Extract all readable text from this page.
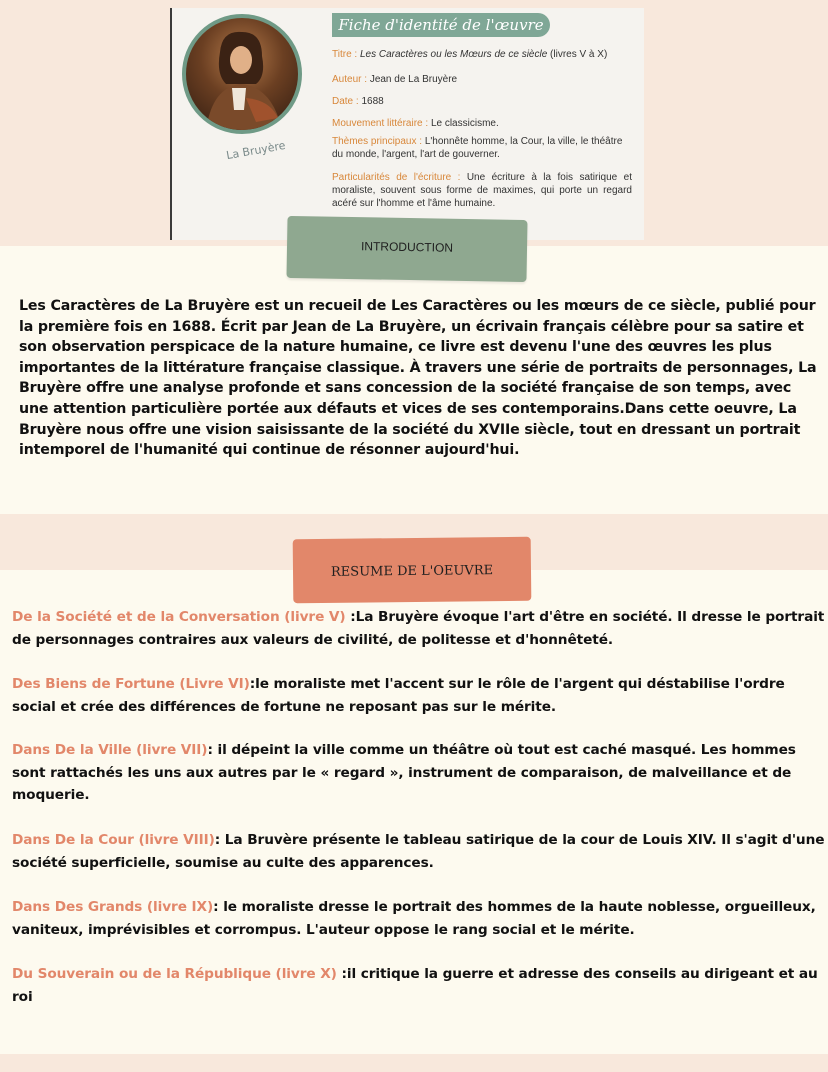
La Bruyère
Fiche d'identité de l'œuvre
Titre : Les Caractères ou les Mœurs de ce siècle (livres V à X)
Auteur : Jean de La Bruyère
Date : 1688
Mouvement littéraire : Le classicisme.
Thèmes principaux : L'honnête homme, la Cour, la ville, le théâtre du monde, l'argent, l'art de gouverner.
Particularités de l'écriture : Une écriture à la fois satirique et moraliste, souvent sous forme de maximes, qui porte un regard acéré sur l'homme et l'âme humaine.
INTRODUCTION
Les Caractères de La Bruyère est un recueil de Les Caractères ou les mœurs de ce siècle, publié pour la première fois en 1688. Écrit par Jean de La Bruyère, un écrivain français célèbre pour sa satire et son observation perspicace de la nature humaine, ce livre est devenu l'une des œuvres les plus importantes de la littérature française classique. À travers une série de portraits de personnages, La Bruyère offre une analyse profonde et sans concession de la société française de son temps, avec une attention particulière portée aux défauts et vices de ses contemporains.Dans cette oeuvre, La Bruyère nous offre une vision saisissante de la société du XVIIe siècle, tout en dressant un portrait intemporel de l'humanité qui continue de résonner aujourd'hui.
RESUME DE L'OEUVRE
De la Société et de la Conversation (livre V) :La Bruyère évoque l'art d'être en société. Il dresse le portrait de personnages contraires aux valeurs de civilité, de politesse et d'honnêteté.
Des Biens de Fortune (Livre VI):le moraliste met l'accent sur le rôle de l'argent qui déstabilise l'ordre social et crée des différences de fortune ne reposant pas sur le mérite.
Dans De la Ville (livre VII): il dépeint la ville comme un théâtre où tout est caché masqué. Les hommes sont rattachés les uns aux autres par le « regard », instrument de comparaison, de malveillance et de moquerie.
Dans De la Cour (livre VIII): La Bruvère présente le tableau satirique de la cour de Louis XIV. Il s'agit d'une société superficielle, soumise au culte des apparences.
Dans Des Grands (livre IX): le moraliste dresse le portrait des hommes de la haute noblesse, orgueilleux, vaniteux, imprévisibles et corrompus. L'auteur oppose le rang social et le mérite.
Du Souverain ou de la République (livre X) :il critique la guerre et adresse des conseils au dirigeant et au roi
